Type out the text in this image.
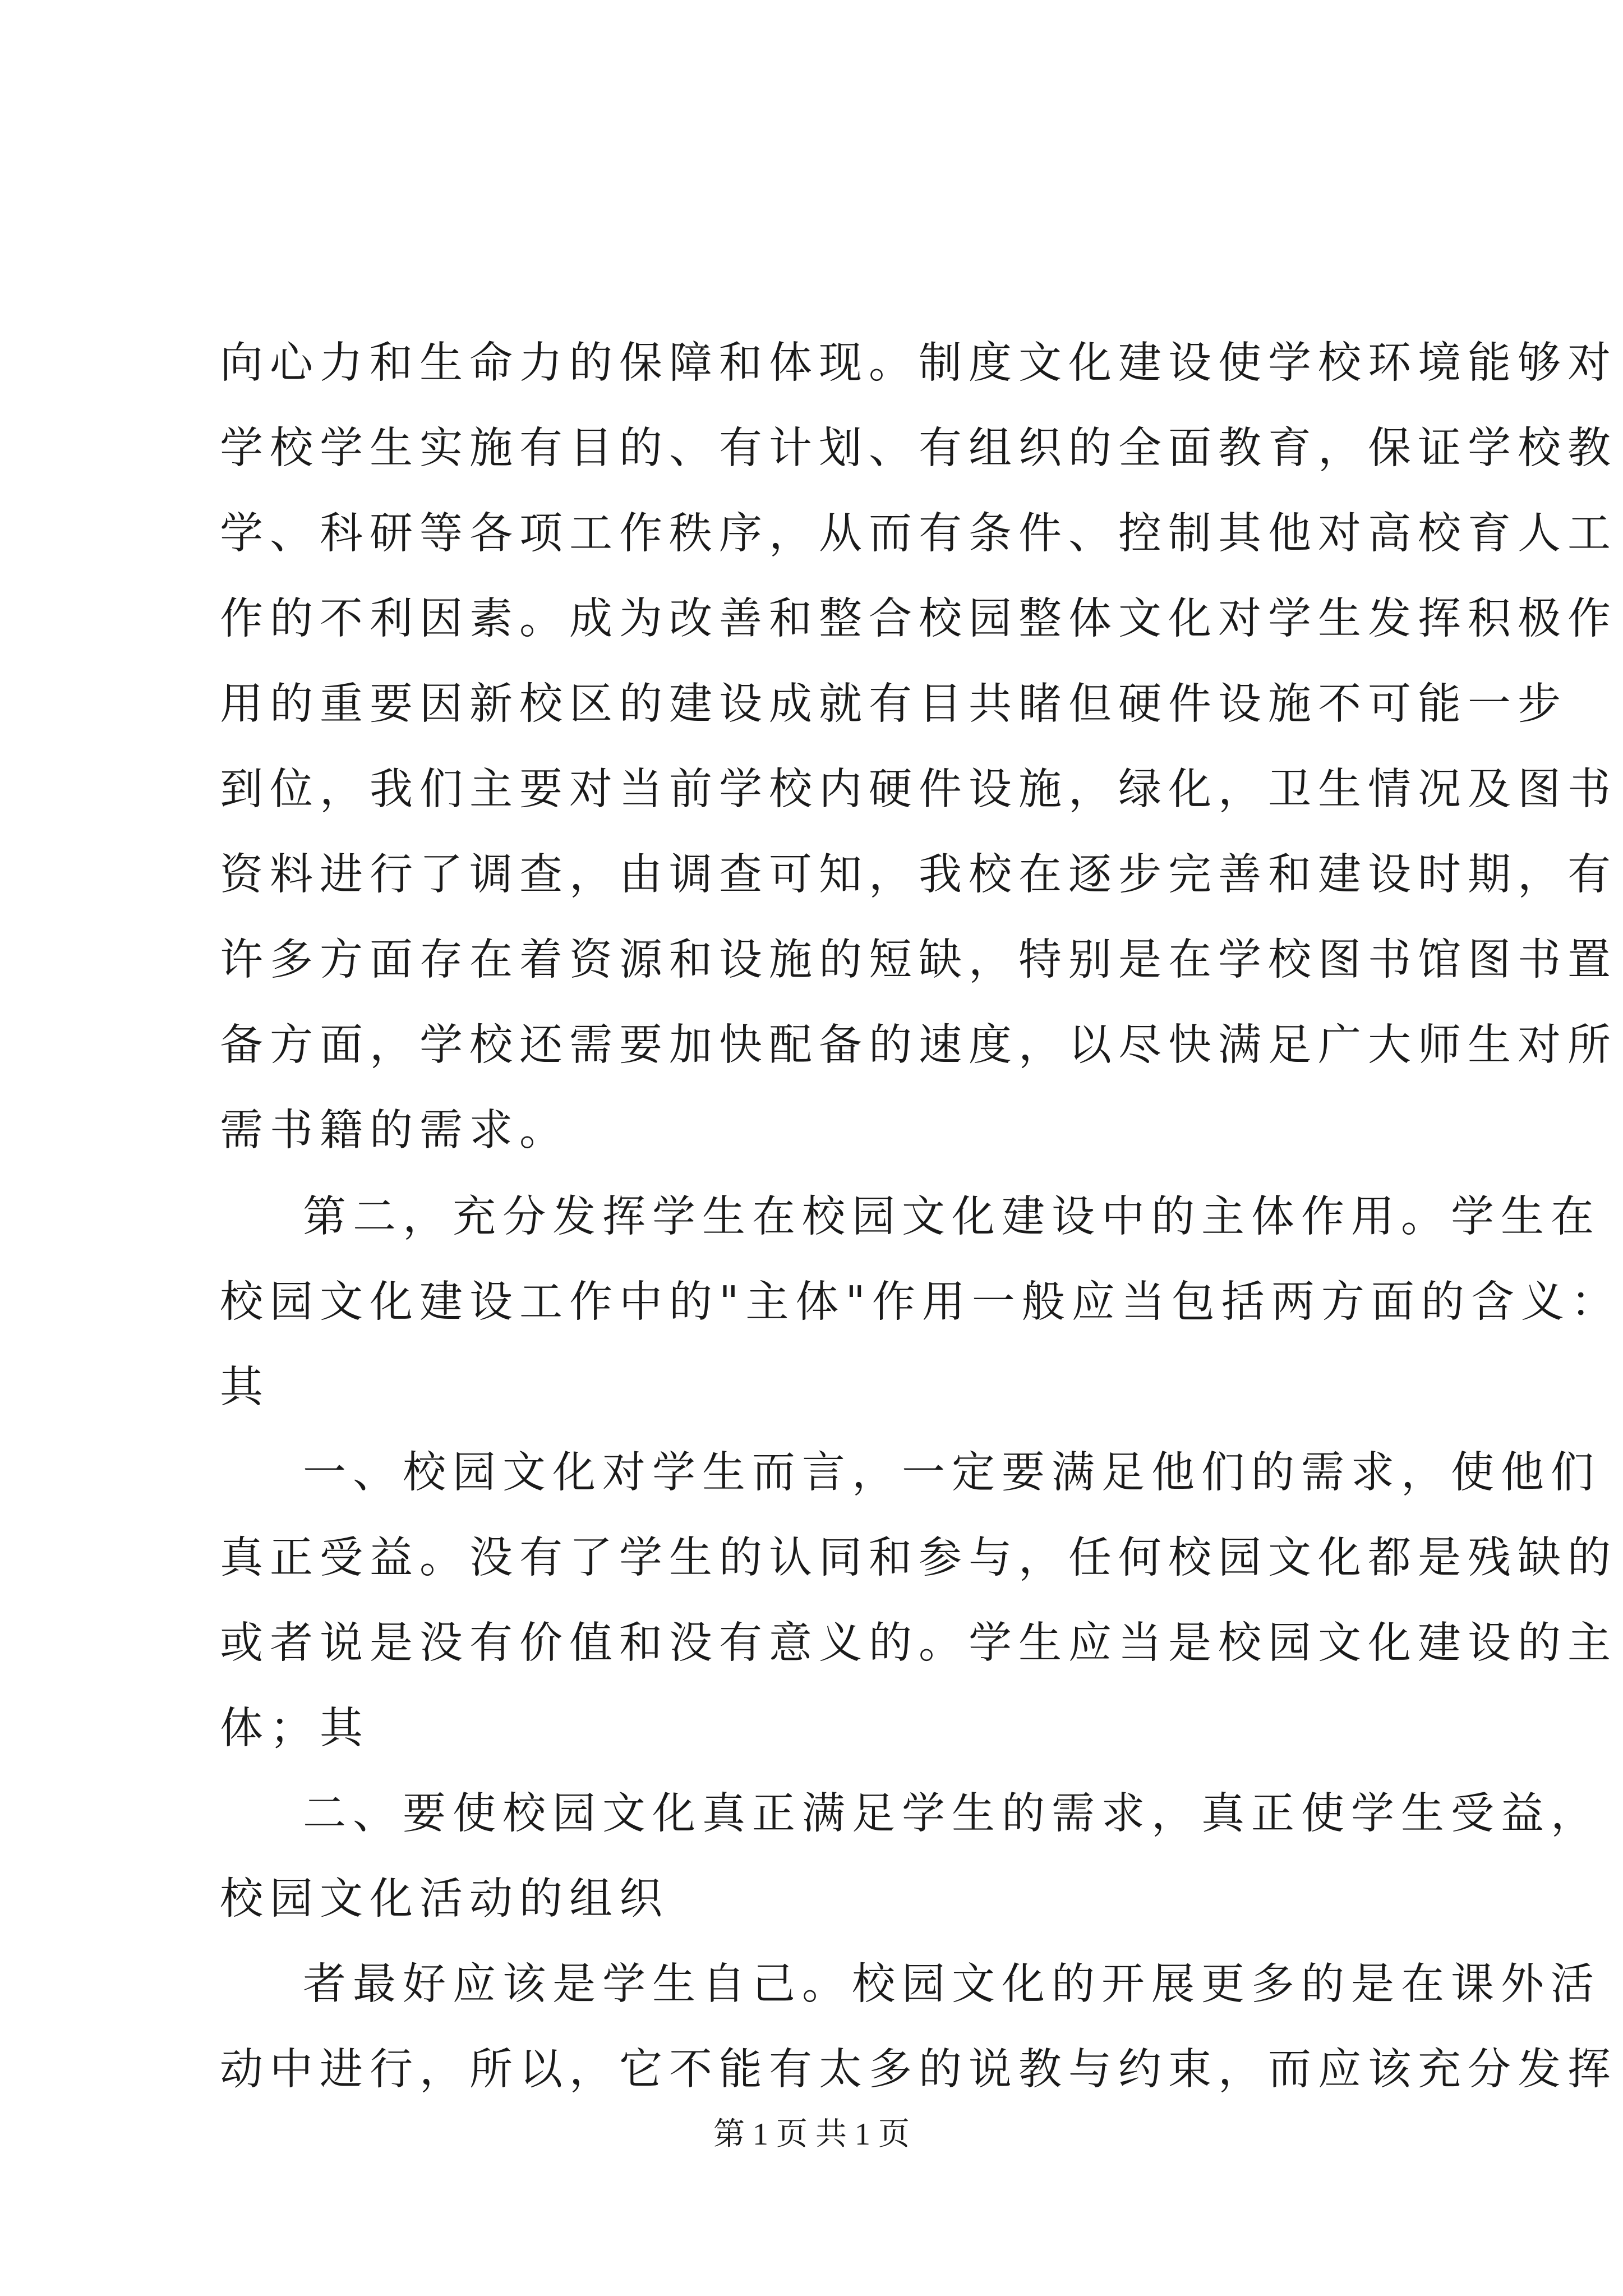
向心力和生命力的保障和体现。制度文化建设使学校环境能够对
学校学生实施有目的、有计划、有组织的全面教育，保证学校教
学、科研等各项工作秩序，从而有条件、控制其他对高校育人工
作的不利因素。成为改善和整合校园整体文化对学生发挥积极作
用的重要因新校区的建设成就有目共睹但硬件设施不可能一步
到位，我们主要对当前学校内硬件设施，绿化，卫生情况及图书
资料进行了调查，由调查可知，我校在逐步完善和建设时期，有
许多方面存在着资源和设施的短缺，特别是在学校图书馆图书置
备方面，学校还需要加快配备的速度，以尽快满足广大师生对所
需书籍的需求。
第二，充分发挥学生在校园文化建设中的主体作用。学生在
校园文化建设工作中的"主体"作用一般应当包括两方面的含义：
其
一、校园文化对学生而言，一定要满足他们的需求，使他们
真正受益。没有了学生的认同和参与，任何校园文化都是残缺的
或者说是没有价值和没有意义的。学生应当是校园文化建设的主
体；其
二、要使校园文化真正满足学生的需求，真正使学生受益，
校园文化活动的组织
者最好应该是学生自己。校园文化的开展更多的是在课外活
动中进行，所以，它不能有太多的说教与约束，而应该充分发挥
第 1 页 共 1 页
